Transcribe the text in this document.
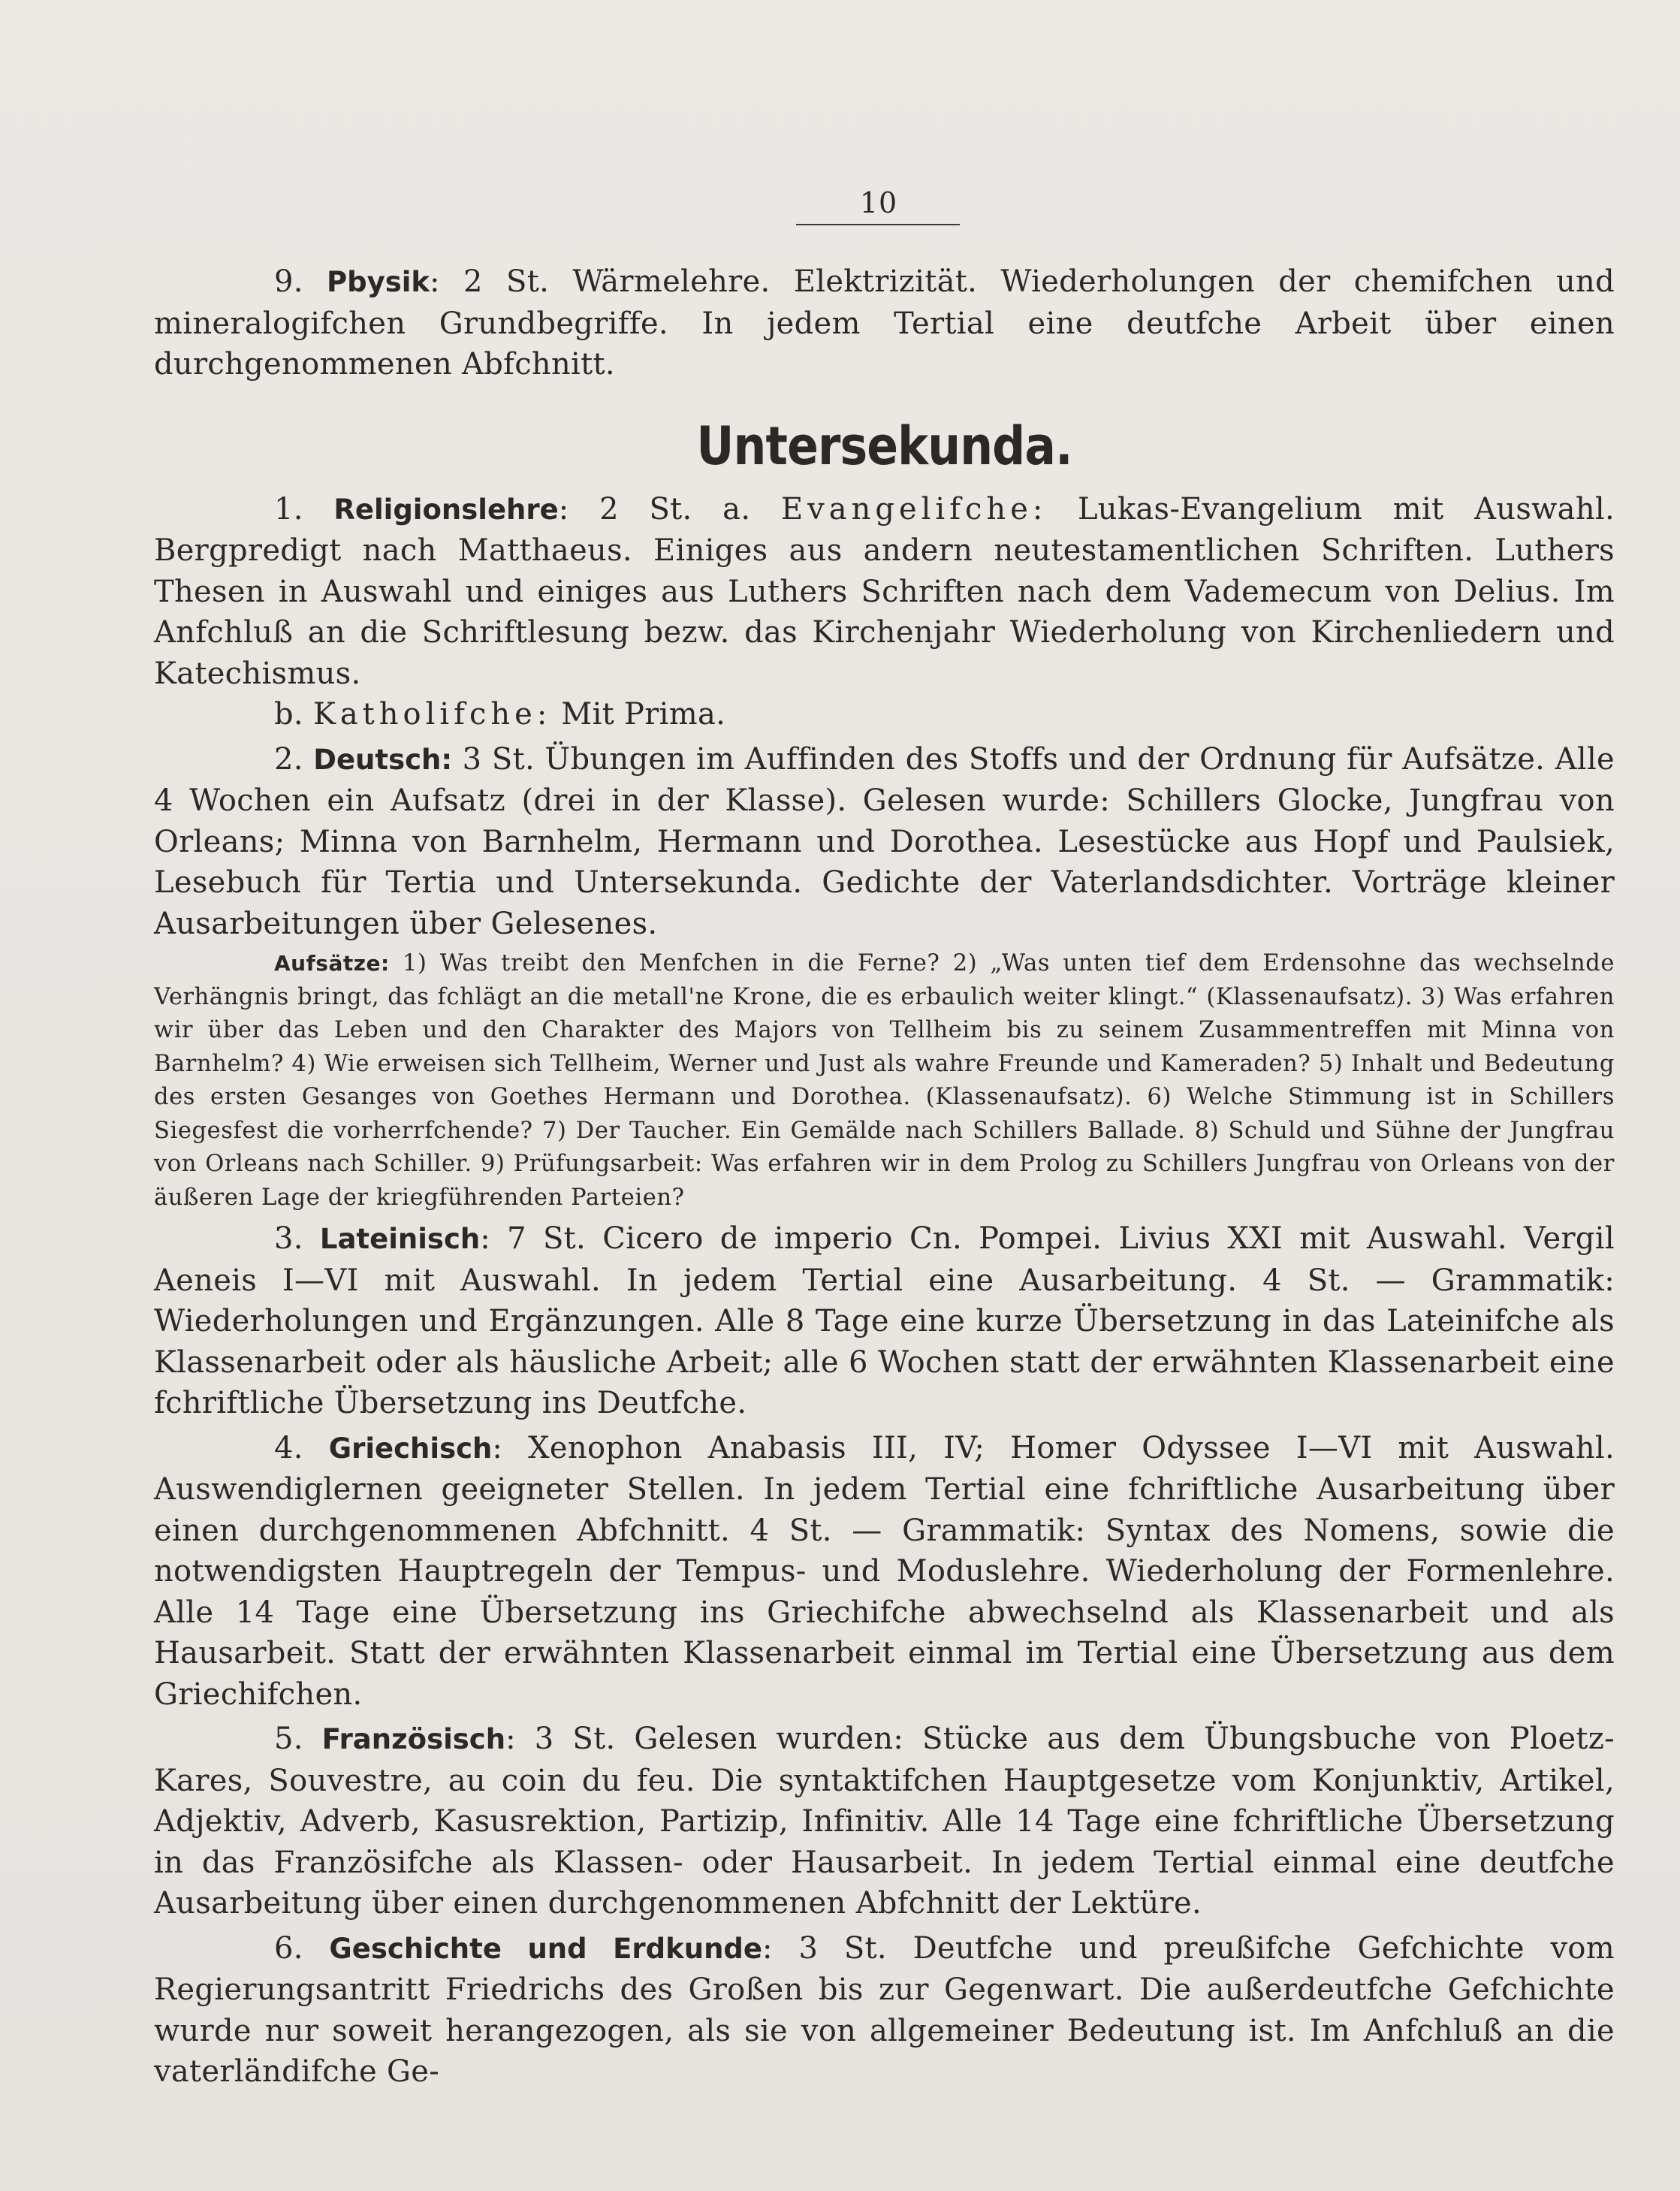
10

9. Pbysik: 2 St. Wärmelehre. Elektrizität. Wiederholungen der chemifchen und mineralogifchen Grundbegriffe. In jedem Tertial eine deutfche Arbeit über einen durchgenommenen Abfchnitt.

Untersekunda.

1. Religionslehre: 2 St. a. Evangelifche: Lukas-Evangelium mit Auswahl. Bergpredigt nach Matthaeus. Einiges aus andern neutestamentlichen Schriften. Luthers Thesen in Auswahl und einiges aus Luthers Schriften nach dem Vademecum von Delius. Im Anfchluß an die Schriftlesung bezw. das Kirchenjahr Wiederholung von Kirchenliedern und Katechismus.

b. Katholifche: Mit Prima.

2. Deutsch: 3 St. Übungen im Auffinden des Stoffs und der Ordnung für Aufsätze. Alle 4 Wochen ein Aufsatz (drei in der Klasse). Gelesen wurde: Schillers Glocke, Jungfrau von Orleans; Minna von Barnhelm, Hermann und Dorothea. Lesestücke aus Hopf und Paulsiek, Lesebuch für Tertia und Untersekunda. Gedichte der Vaterlandsdichter. Vorträge kleiner Ausarbeitungen über Gelesenes.

Aufsätze: 1) Was treibt den Menfchen in die Ferne? 2) „Was unten tief dem Erdensohne das wechselnde Verhängnis bringt, das fchlägt an die metall'ne Krone, die es erbaulich weiter klingt.“ (Klassenaufsatz). 3) Was erfahren wir über das Leben und den Charakter des Majors von Tellheim bis zu seinem Zusammentreffen mit Minna von Barnhelm? 4) Wie erweisen sich Tellheim, Werner und Just als wahre Freunde und Kameraden? 5) Inhalt und Bedeutung des ersten Gesanges von Goethes Hermann und Dorothea. (Klassenaufsatz). 6) Welche Stimmung ist in Schillers Siegesfest die vorherrfchende? 7) Der Taucher. Ein Gemälde nach Schillers Ballade. 8) Schuld und Sühne der Jungfrau von Orleans nach Schiller. 9) Prüfungsarbeit: Was erfahren wir in dem Prolog zu Schillers Jungfrau von Orleans von der äußeren Lage der kriegführenden Parteien?

3. Lateinisch: 7 St. Cicero de imperio Cn. Pompei. Livius XXI mit Auswahl. Vergil Aeneis I—VI mit Auswahl. In jedem Tertial eine Ausarbeitung. 4 St. — Grammatik: Wiederholungen und Ergänzungen. Alle 8 Tage eine kurze Übersetzung in das Lateinifche als Klassenarbeit oder als häusliche Arbeit; alle 6 Wochen statt der erwähnten Klassenarbeit eine fchriftliche Übersetzung ins Deutfche.

4. Griechisch: Xenophon Anabasis III, IV; Homer Odyssee I—VI mit Auswahl. Auswendiglernen geeigneter Stellen. In jedem Tertial eine fchriftliche Ausarbeitung über einen durchgenommenen Abfchnitt. 4 St. — Grammatik: Syntax des Nomens, sowie die notwendigsten Hauptregeln der Tempus- und Moduslehre. Wiederholung der Formenlehre. Alle 14 Tage eine Übersetzung ins Griechifche abwechselnd als Klassenarbeit und als Hausarbeit. Statt der erwähnten Klassenarbeit einmal im Tertial eine Übersetzung aus dem Griechifchen.

5. Französisch: 3 St. Gelesen wurden: Stücke aus dem Übungsbuche von Ploetz-Kares, Souvestre, au coin du feu. Die syntaktifchen Hauptgesetze vom Konjunktiv, Artikel, Adjektiv, Adverb, Kasusrektion, Partizip, Infinitiv. Alle 14 Tage eine fchriftliche Übersetzung in das Französifche als Klassen- oder Hausarbeit. In jedem Tertial einmal eine deutfche Ausarbeitung über einen durchgenommenen Abfchnitt der Lektüre.

6. Geschichte und Erdkunde: 3 St. Deutfche und preußifche Gefchichte vom Regierungsantritt Friedrichs des Großen bis zur Gegenwart. Die außerdeutfche Gefchichte wurde nur soweit herangezogen, als sie von allgemeiner Bedeutung ist. Im Anfchluß an die vaterländifche Ge-
